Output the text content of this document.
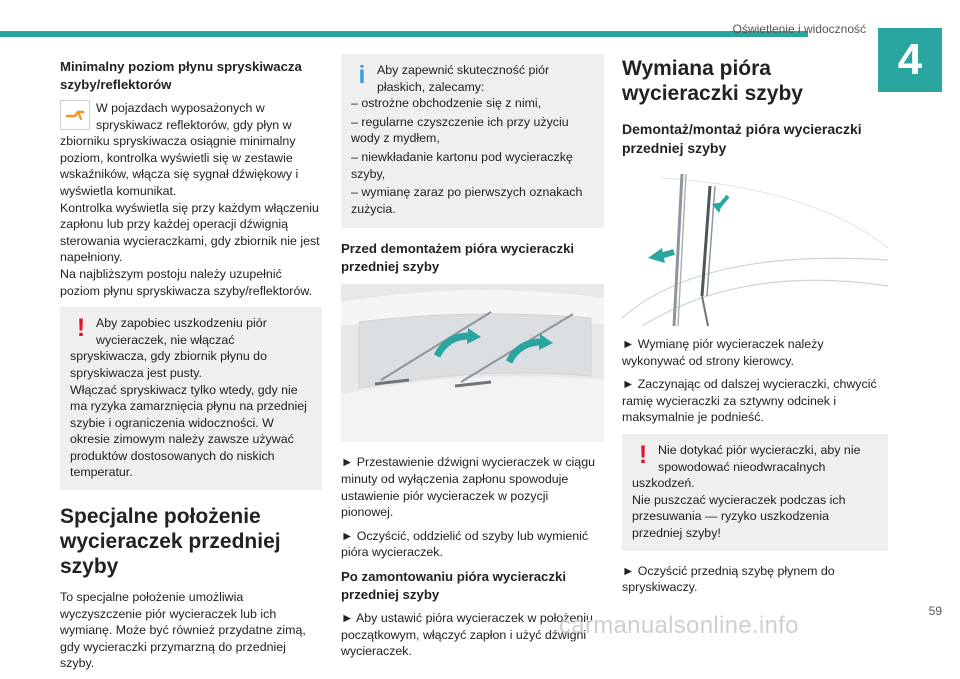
Oświetlenie i widoczność
4
Minimalny poziom płynu spryskiwacza szyby/reflektorów
W pojazdach wyposażonych w spryskiwacz reflektorów, gdy płyn w zbiorniku spryskiwacza osiągnie minimalny poziom, kontrolka wyświetli się w zestawie wskaźników, włącza się sygnał dźwiękowy i wyświetla komunikat.
Kontrolka wyświetla się przy każdym włączeniu zapłonu lub przy każdej operacji dźwignią sterowania wycieraczkami, gdy zbiornik nie jest napełniony.
Na najbliższym postoju należy uzupełnić poziom płynu spryskiwacza szyby/reflektorów.
! Aby zapobiec uszkodzeniu piór wycieraczek, nie włączać spryskiwacza, gdy zbiornik płynu do spryskiwacza jest pusty.
Włączać spryskiwacz tylko wtedy, gdy nie ma ryzyka zamarznięcia płynu na przedniej szybie i ograniczenia widoczności. W okresie zimowym należy zawsze używać produktów dostosowanych do niskich temperatur.
Specjalne położenie wycieraczek przedniej szyby
To specjalne położenie umożliwia wyczyszczenie piór wycieraczek lub ich wymianę. Może być również przydatne zimą, gdy wycieraczki przymarzną do przedniej szyby.
i Aby zapewnić skuteczność piór płaskich, zalecamy:
– ostrożne obchodzenie się z nimi,
– regularne czyszczenie ich przy użyciu wody z mydłem,
– niewkładanie kartonu pod wycieraczkę szyby,
– wymianę zaraz po pierwszych oznakach zużycia.
Przed demontażem pióra wycieraczki przedniej szyby
► Przestawienie dźwigni wycieraczek w ciągu minuty od wyłączenia zapłonu spowoduje ustawienie piór wycieraczek w pozycji pionowej.
► Oczyścić, oddzielić od szyby lub wymienić pióra wycieraczek.
Po zamontowaniu pióra wycieraczki przedniej szyby
► Aby ustawić pióra wycieraczek w położeniu początkowym, włączyć zapłon i użyć dźwigni wycieraczek.
Wymiana pióra wycieraczki szyby
Demontaż/montaż pióra wycieraczki przedniej szyby
► Wymianę piór wycieraczek należy wykonywać od strony kierowcy.
► Zaczynając od dalszej wycieraczki, chwycić ramię wycieraczki za sztywny odcinek i maksymalnie je podnieść.
! Nie dotykać piór wycieraczki, aby nie spowodować nieodwracalnych uszkodzeń.
Nie puszczać wycieraczek podczas ich przesuwania — ryzyko uszkodzenia przedniej szyby!
► Oczyścić przednią szybę płynem do spryskiwaczy.
59
carmanualsonline.info
